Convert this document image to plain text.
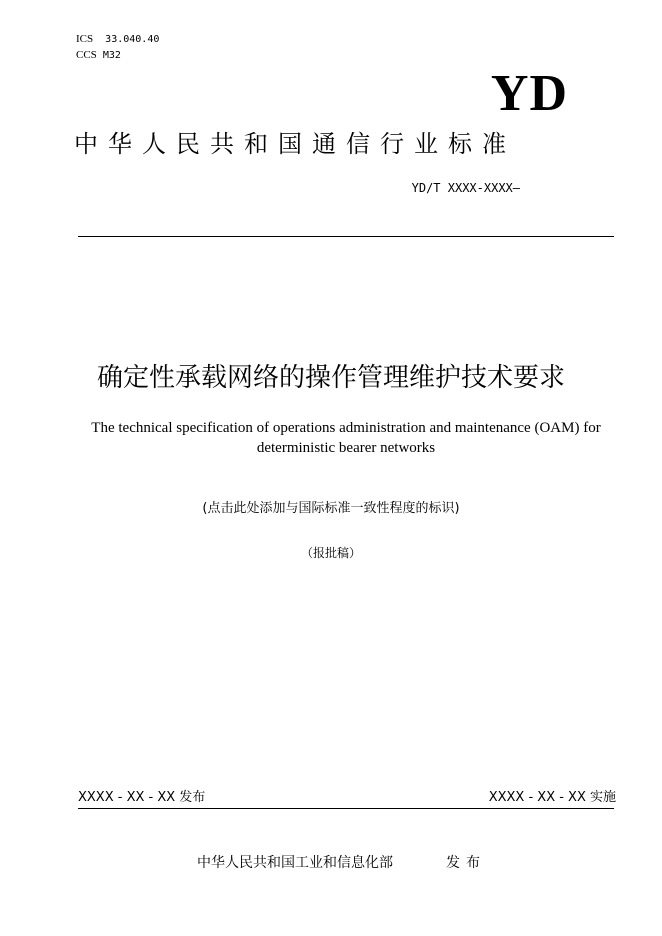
ICS 33.040.40
CCS M32
YD
中华人民共和国通信行业标准
YD/T XXXX-XXXX—
确定性承载网络的操作管理维护技术要求
The technical specification of operations administration and maintenance (OAM) for deterministic bearer networks
(点击此处添加与国际标准一致性程度的标识)
（报批稿）
XXXX - XX - XX 发布	XXXX - XX - XX 实施
中华人民共和国工业和信息化部	发布
